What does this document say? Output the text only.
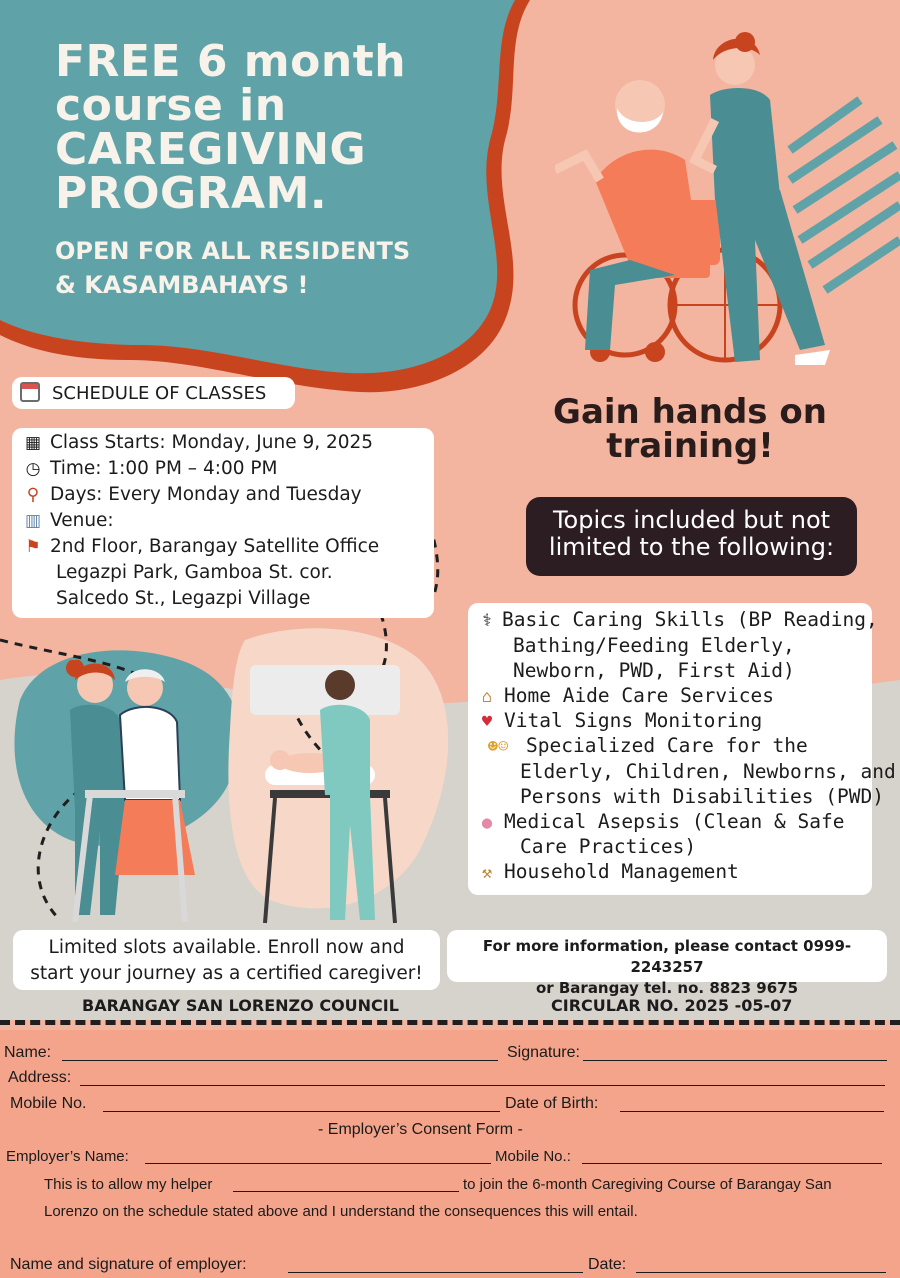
FREE 6 month
course in
CAREGIVING
PROGRAM.
OPEN FOR ALL RESIDENTS
& KASAMBAHAYS !
SCHEDULE OF CLASSES
▦ Class Starts: Monday, June 9, 2025
◷ Time: 1:00 PM – 4:00 PM
⚲ Days: Every Monday and Tuesday
▥ Venue:
⚑ 2nd Floor, Barangay Satellite Office
Legazpi Park, Gamboa St. cor.
Salcedo St., Legazpi Village
Gain hands on
training!
Topics included but not
limited to the following:
⚕ Basic Caring Skills (BP Reading,
Bathing/Feeding Elderly,
Newborn, PWD, First Aid)
⌂ Home Aide Care Services
♥ Vital Signs Monitoring
☻☺ Specialized Care for the
Elderly, Children, Newborns, and
Persons with Disabilities (PWD)
● Medical Asepsis (Clean & Safe
Care Practices)
⚒ Household Management
Limited slots available. Enroll now and
start your journey as a certified caregiver!
For more information, please contact 0999-2243257
or Barangay tel. no. 8823 9675
BARANGAY SAN LORENZO COUNCIL	CIRCULAR NO. 2025 -05-07
Name:	Signature:
Address:
Mobile No.	Date of Birth:
- Employer’s Consent Form -
Employer’s Name:	Mobile No.:
This is to allow my helper	to join the 6-month Caregiving Course of Barangay San
Lorenzo on the schedule stated above and I understand the consequences this will entail.
Name and signature of employer:	Date:
